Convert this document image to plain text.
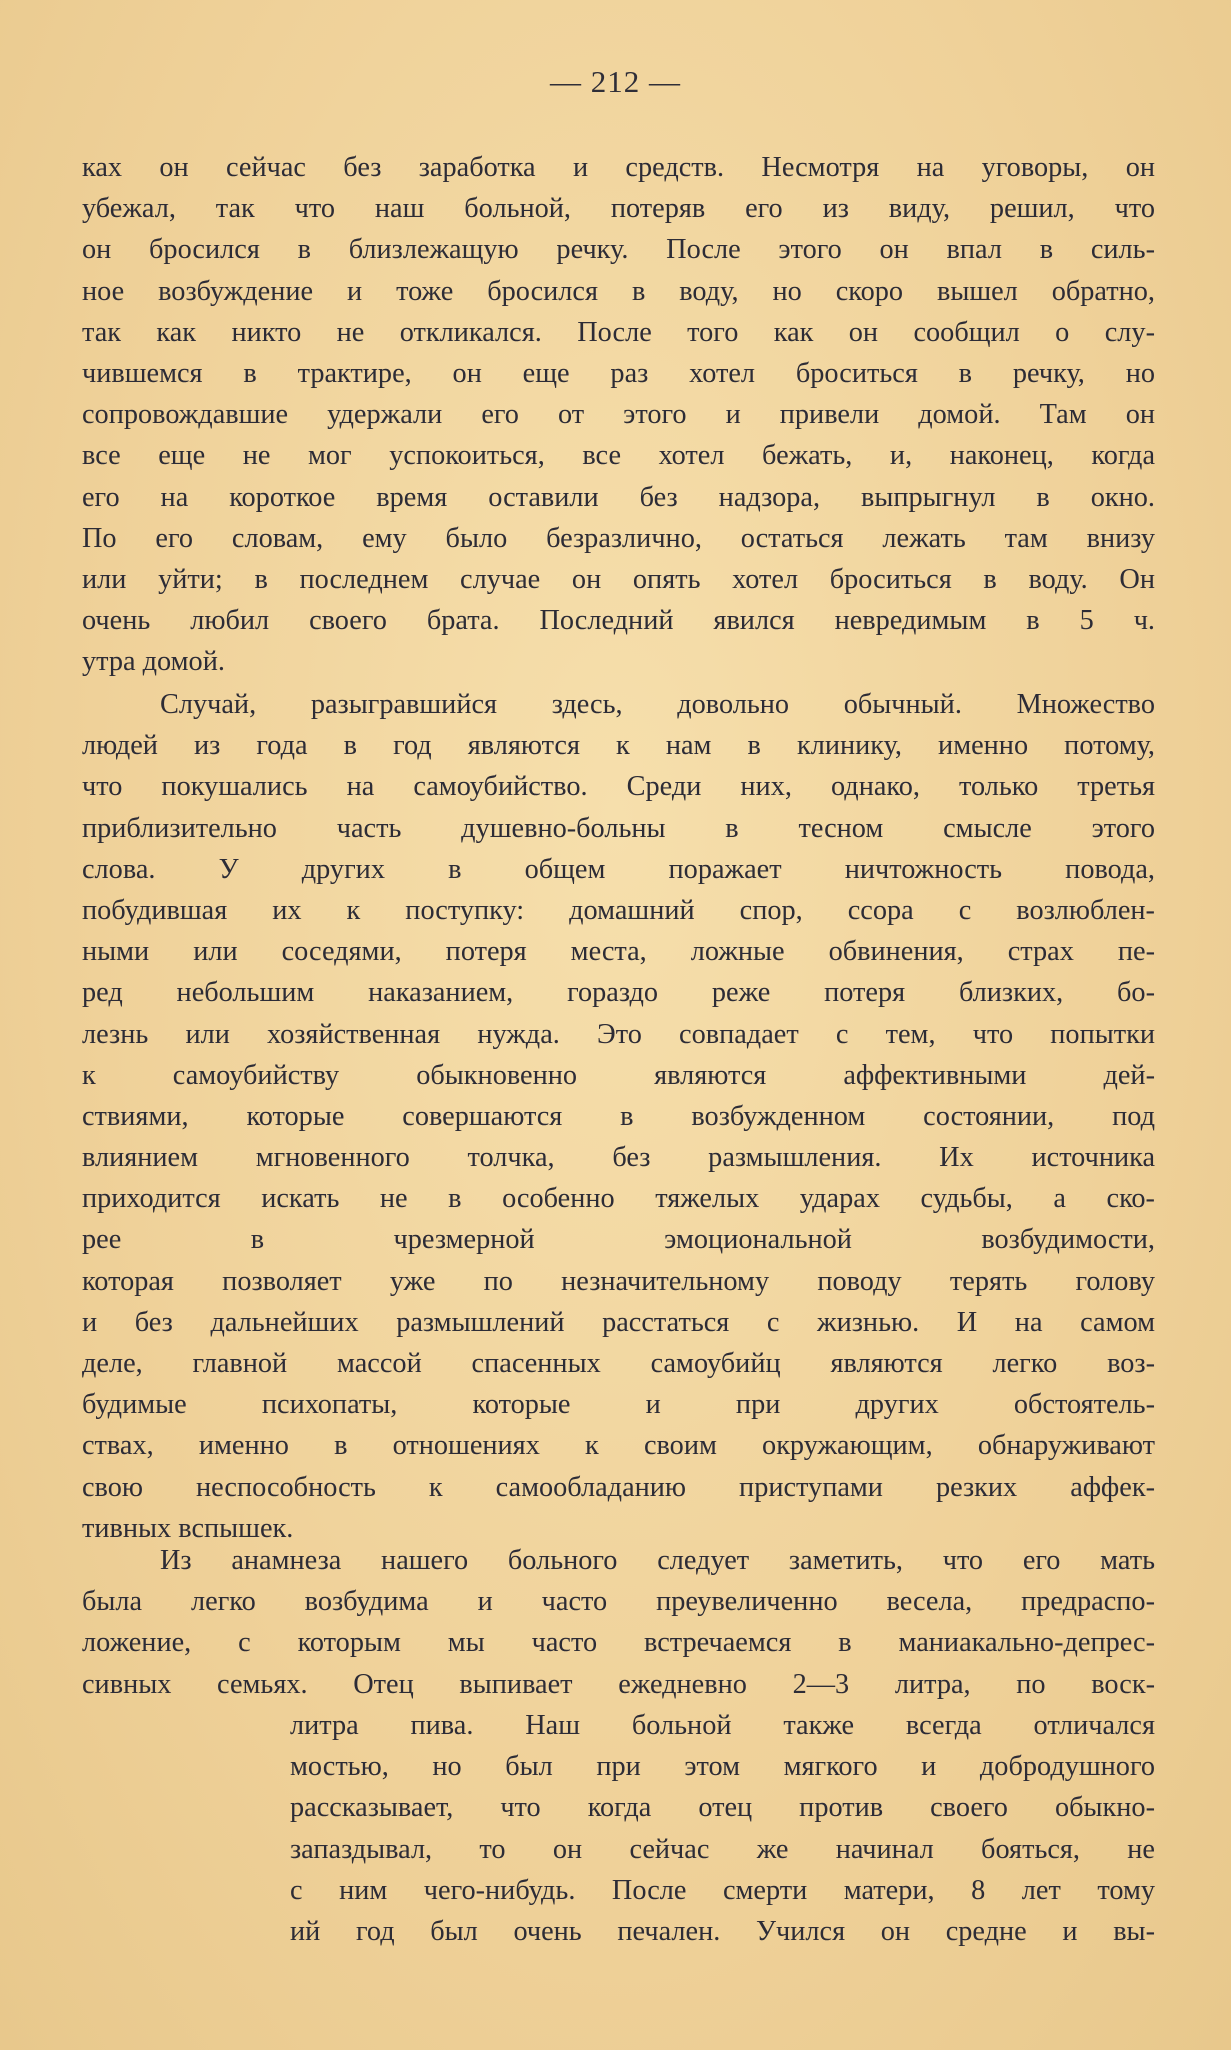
— 212 —
ках он сейчас без заработка и средств. Несмотря на уговоры, он
убежал, так что наш больной, потеряв его из виду, решил, что
он бросился в близлежащую речку. После этого он впал в силь-
ное возбуждение и тоже бросился в воду, но скоро вышел обратно,
так как никто не откликался. После того как он сообщил о слу-
чившемся в трактире, он еще раз хотел броситься в речку, но
сопровождавшие удержали его от этого и привели домой. Там он
все еще не мог успокоиться, все хотел бежать, и, наконец, когда
его на короткое время оставили без надзора, выпрыгнул в окно.
По его словам, ему было безразлично, остаться лежать там внизу
или уйти; в последнем случае он опять хотел броситься в воду. Он
очень любил своего брата. Последний явился невредимым в 5 ч.
утра домой.
Случай, разыгравшийся здесь, довольно обычный. Множество
людей из года в год являются к нам в клинику, именно потому,
что покушались на самоубийство. Среди них, однако, только третья
приблизительно часть душевно-больны в тесном смысле этого
слова. У других в общем поражает ничтожность повода,
побудившая их к поступку: домашний спор, ссора с возлюблен-
ными или соседями, потеря места, ложные обвинения, страх пе-
ред небольшим наказанием, гораздо реже потеря близких, бо-
лезнь или хозяйственная нужда. Это совпадает с тем, что попытки
к самоубийству обыкновенно являются аффективными дей-
ствиями, которые совершаются в возбужденном состоянии, под
влиянием мгновенного толчка, без размышления. Их источника
приходится искать не в особенно тяжелых ударах судьбы, а ско-
рее в чрезмерной эмоциональной возбудимости,
которая позволяет уже по незначительному поводу терять голову
и без дальнейших размышлений расстаться с жизнью. И на самом
деле, главной массой спасенных самоубийц являются легко воз-
будимые психопаты, которые и при других обстоятель-
ствах, именно в отношениях к своим окружающим, обнаруживают
свою неспособность к самообладанию приступами резких аффек-
тивных вспышек.
Из анамнеза нашего больного следует заметить, что его мать
была легко возбудима и часто преувеличенно весела, предраспо-
ложение, с которым мы часто встречаемся в маниакально-депрес-
сивных семьях. Отец выпивает ежедневно 2—3 литра, по воск-
литра пива. Наш больной также всегда отличался
мостью, но был при этом мягкого и добродушного
рассказывает, что когда отец против своего обыкно-
запаздывал, то он сейчас же начинал бояться, не
с ним чего-нибудь. После смерти матери, 8 лет тому
ий год был очень печален. Учился он средне и вы-
